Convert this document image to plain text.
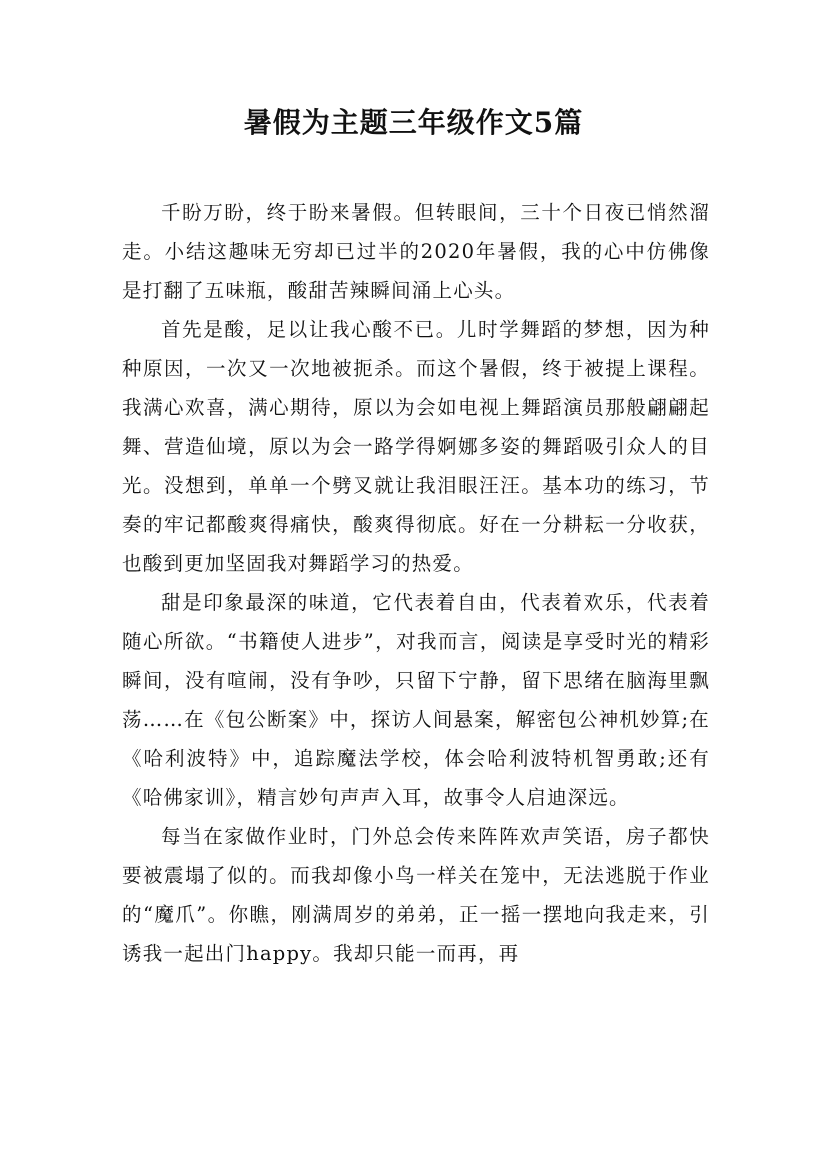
暑假为主题三年级作文5篇

千盼万盼，终于盼来暑假。但转眼间，三十个日夜已悄然溜走。小结这趣味无穷却已过半的2020年暑假，我的心中仿佛像是打翻了五味瓶，酸甜苦辣瞬间涌上心头。

首先是酸，足以让我心酸不已。儿时学舞蹈的梦想，因为种种原因，一次又一次地被扼杀。而这个暑假，终于被提上课程。我满心欢喜，满心期待，原以为会如电视上舞蹈演员那般翩翩起舞、营造仙境，原以为会一路学得婀娜多姿的舞蹈吸引众人的目光。没想到，单单一个劈叉就让我泪眼汪汪。基本功的练习，节奏的牢记都酸爽得痛快，酸爽得彻底。好在一分耕耘一分收获，也酸到更加坚固我对舞蹈学习的热爱。

甜是印象最深的味道，它代表着自由，代表着欢乐，代表着随心所欲。“书籍使人进步”，对我而言，阅读是享受时光的精彩瞬间，没有喧闹，没有争吵，只留下宁静，留下思绪在脑海里飘荡……在《包公断案》中，探访人间悬案，解密包公神机妙算;在《哈利波特》中，追踪魔法学校，体会哈利波特机智勇敢;还有《哈佛家训》，精言妙句声声入耳，故事令人启迪深远。

每当在家做作业时，门外总会传来阵阵欢声笑语，房子都快要被震塌了似的。而我却像小鸟一样关在笼中，无法逃脱于作业的“魔爪”。你瞧，刚满周岁的弟弟，正一摇一摆地向我走来，引诱我一起出门happy。我却只能一而再，再
